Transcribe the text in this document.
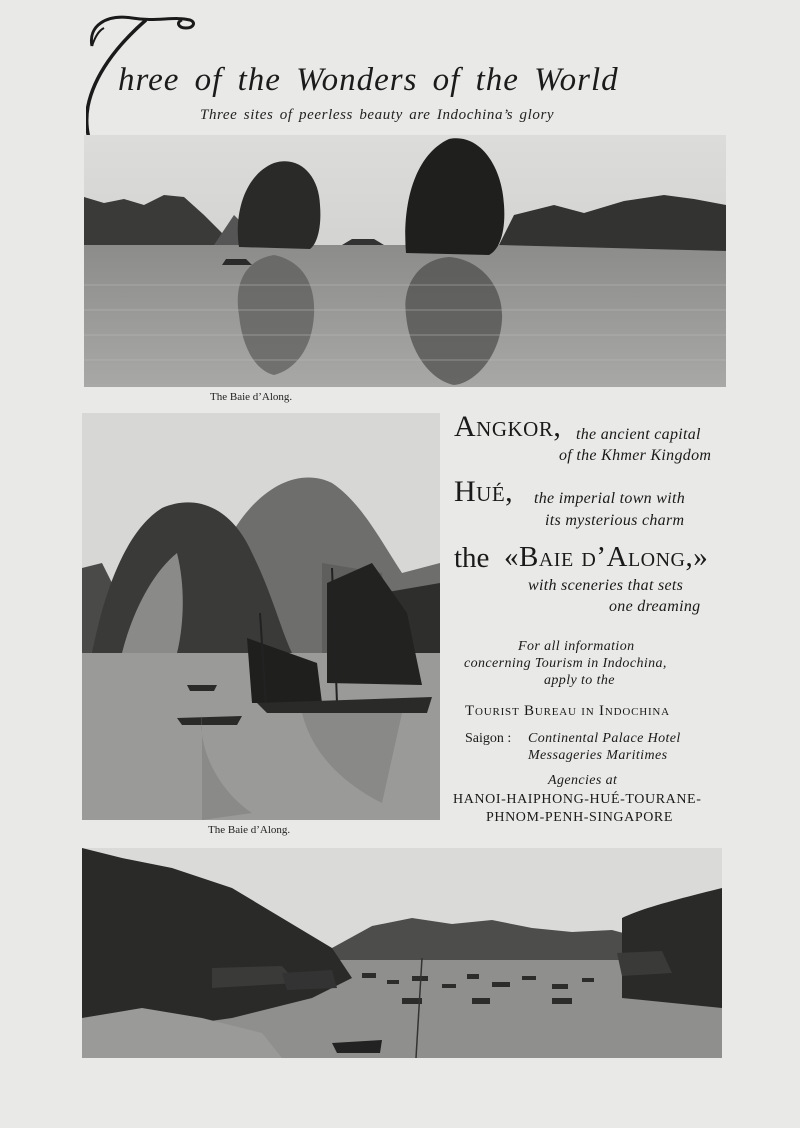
hree of the Wonders of the World
Three sites of peerless beauty are Indochina’s glory
The Baie d’Along.
The Baie d’Along.
Angkor, the ancient capital
of the Khmer Kingdom
Hué, the imperial town with
its mysterious charm
the «Baie d’Along,»
with sceneries that sets
one dreaming
For all information
concerning Tourism in Indochina,
apply to the
Tourist Bureau in Indochina
Saigon : Continental Palace Hotel
Messageries Maritimes
Agencies at
HANOI-HAIPHONG-HUÉ-TOURANE-
PHNOM-PENH-SINGAPORE
